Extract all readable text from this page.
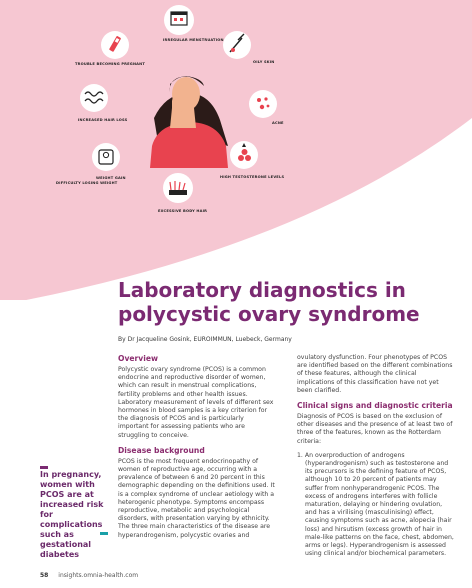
IRREGULAR MENSTRUATION
TROUBLE BECOMING PREGNANT	OILY SKIN
INCREASED HAIR LOSS
WEIGHT GAIN
DIFFICULTY LOSING WEIGHT
EXCESSIVE BODY HAIR
HIGH TESTOSTERONE LEVELS
ACNE
Laboratory diagnostics in
polycystic ovary syndrome
By Dr Jacqueline Gosink, EUROIMMUN, Luebeck, Germany
Overview

Polycystic ovary syndrome (PCOS) is a common endocrine and reproductive disorder of women, which can result in menstrual complications, fertility problems and other health issues. Laboratory measurement of levels of different sex hormones in blood samples is a key criterion for the diagnosis of PCOS and is particularly important for assessing patients who are struggling to conceive.

Disease background

PCOS is the most frequent endocrinopathy of women of reproductive age, occurring with a prevalence of between 6 and 20 percent in this demographic depending on the definitions used. It is a complex syndrome of unclear aetiology with a heterogenic phenotype. Symptoms encompass reproductive, metabolic and psychological disorders, with presentation varying by ethnicity. The three main characteristics of the disease are hyperandrogenism, polycystic ovaries and

ovulatory dysfunction. Four phenotypes of PCOS are identified based on the different combinations of these features, although the clinical implications of this classification have not yet been clarified.

Clinical signs and diagnostic criteria

Diagnosis of PCOS is based on the exclusion of other diseases and the presence of at least two of three of the features, known as the Rotterdam criteria:

1. An overproduction of androgens (hyperandrogenism) such as testosterone and its precursors is the defining feature of PCOS, although 10 to 20 percent of patients may suffer from nonhyperandrogenic PCOS. The excess of androgens interferes with follicle maturation, delaying or hindering ovulation, and has a virilising (masculinising) effect, causing symptoms such as acne, alopecia (hair loss) and hirsutism (excess growth of hair in male-like patterns on the face, chest, abdomen, arms or legs). Hyperandrogenism is assessed using clinical and/or biochemical parameters.

In pregnancy, women with PCOS are at increased risk for complications such as gestational diabetes
58 insights.omnia-health.com
